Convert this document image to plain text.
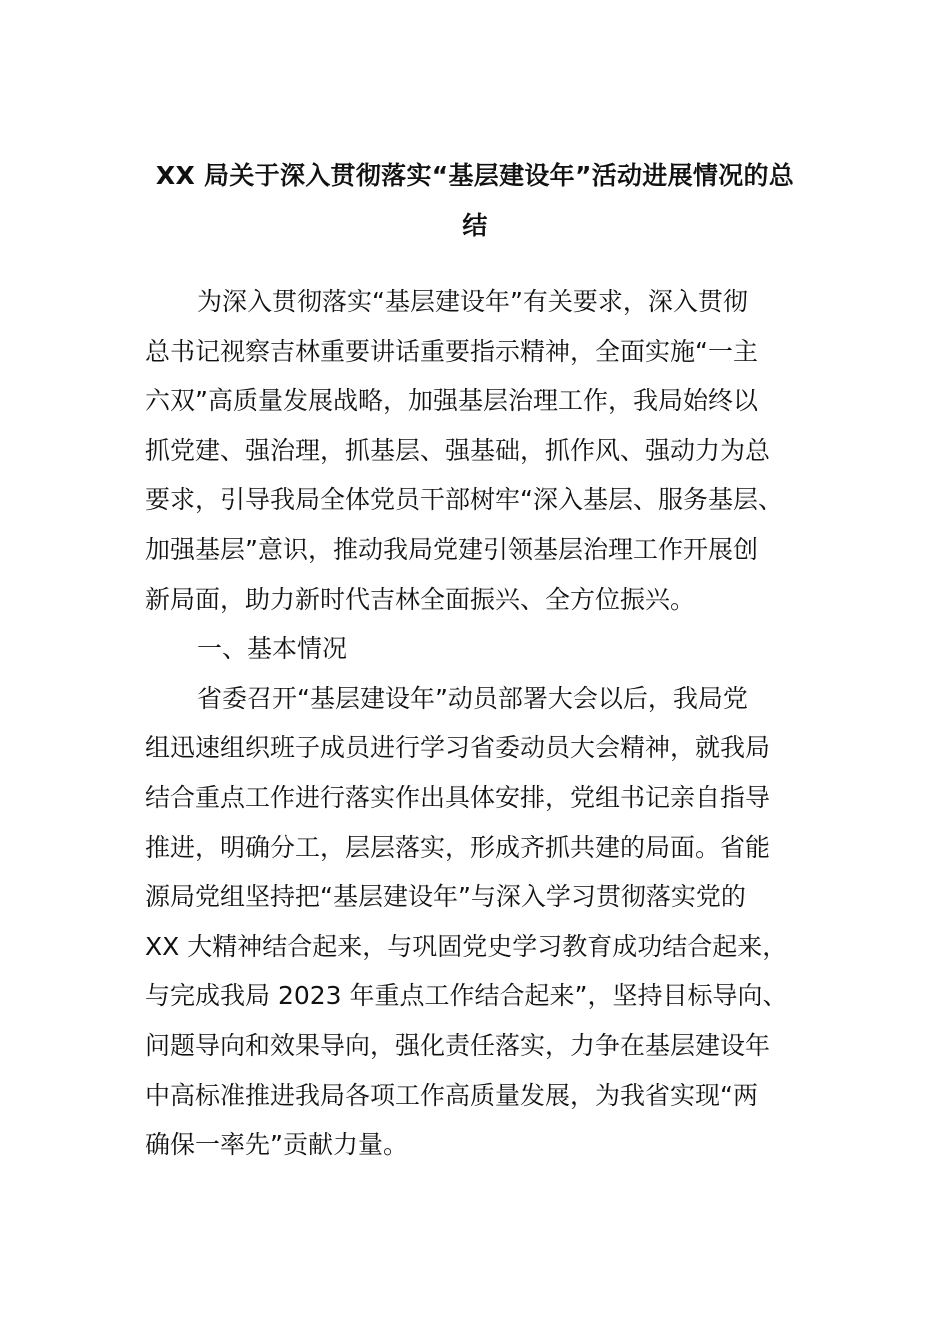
XX 局关于深入贯彻落实“基层建设年”活动进展情况的总
结
为深入贯彻落实“基层建设年”有关要求，深入贯彻
总书记视察吉林重要讲话重要指示精神，全面实施“一主
六双”高质量发展战略，加强基层治理工作，我局始终以
抓党建、强治理，抓基层、强基础，抓作风、强动力为总
要求，引导我局全体党员干部树牢“深入基层、服务基层、
加强基层”意识，推动我局党建引领基层治理工作开展创
新局面，助力新时代吉林全面振兴、全方位振兴。
一、基本情况
省委召开“基层建设年”动员部署大会以后，我局党
组迅速组织班子成员进行学习省委动员大会精神，就我局
结合重点工作进行落实作出具体安排，党组书记亲自指导
推进，明确分工，层层落实，形成齐抓共建的局面。省能
源局党组坚持把“基层建设年”与深入学习贯彻落实党的
XX 大精神结合起来，与巩固党史学习教育成功结合起来，
与完成我局 2023 年重点工作结合起来”，坚持目标导向、
问题导向和效果导向，强化责任落实，力争在基层建设年
中高标准推进我局各项工作高质量发展，为我省实现“两
确保一率先”贡献力量。
